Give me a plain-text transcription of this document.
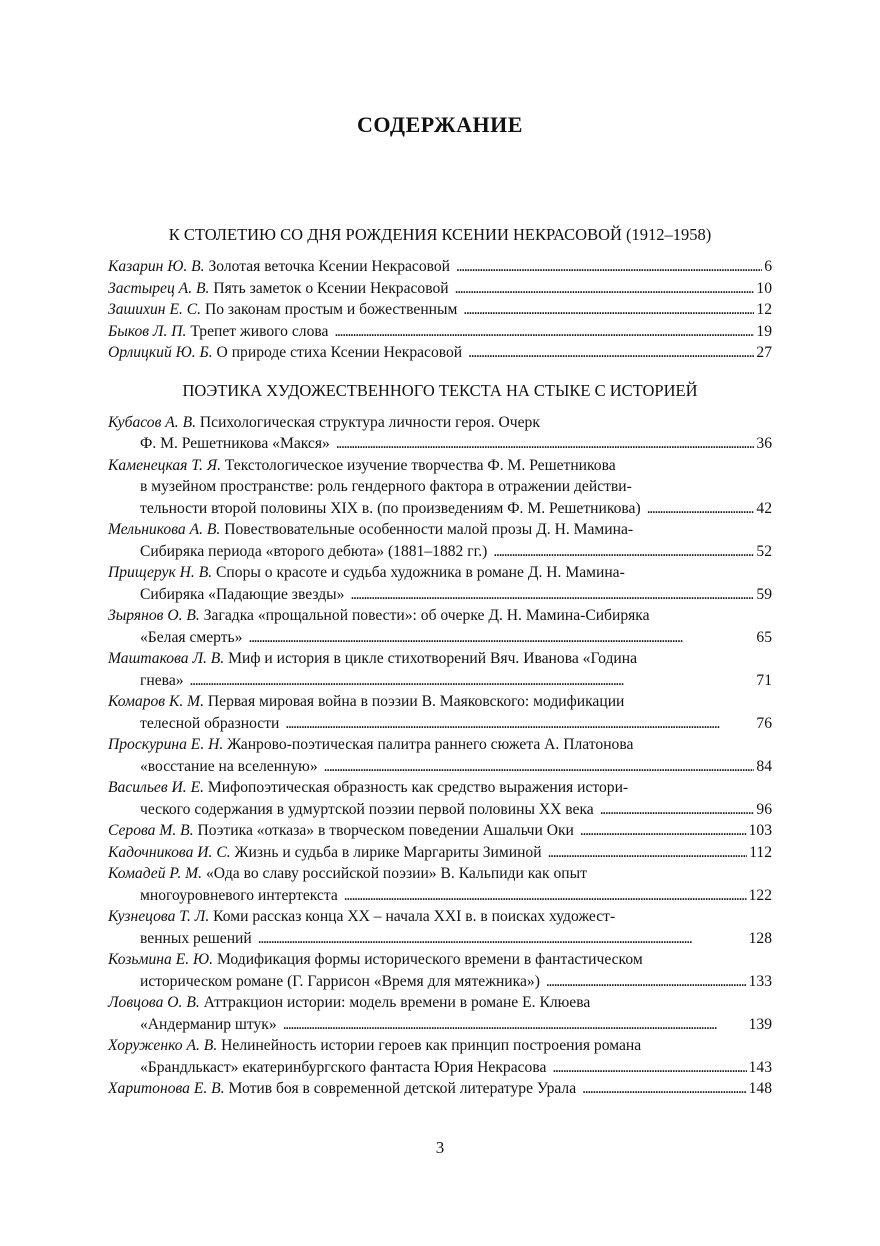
СОДЕРЖАНИЕ
К СТОЛЕТИЮ СО ДНЯ РОЖДЕНИЯ КСЕНИИ НЕКРАСОВОЙ (1912–1958)
Казарин Ю. В.
Золотая веточка Ксении Некрасовой . . .	6
Застырец А. В.
Пять заметок о Ксении Некрасовой . . .	10
Зашихин Е. С.
По законам простым и божественным . . .	12
Быков Л. П.
Трепет живого слова . . .	19
Орлицкий Ю. Б.
О природе стиха Ксении Некрасовой . . .	27
ПОЭТИКА ХУДОЖЕСТВЕННОГО ТЕКСТА НА СТЫКЕ С ИСТОРИЕЙ
Кубасов А. В.
Психологическая структура личности героя. Очерк
Ф. М. Решетникова «Макся» . . .	36
Каменецкая Т. Я.
Текстологическое изучение творчества Ф. М. Решетникова
в музейном пространстве: роль гендерного фактора в отражении действи-
тельности второй половины XIX в. (по произведениям Ф. М. Решетникова) . . .	42
Мельникова А. В.
Повествовательные особенности малой прозы Д. Н. Мамина-
Сибиряка периода «второго дебюта» (1881–1882 гг.) . . .	52
Прищерук Н. В.
Споры о красоте и судьба художника в романе Д. Н. Мамина-
Сибиряка «Падающие звезды» . . .	59
Зырянов О. В.
Загадка «прощальной повести»: об очерке Д. Н. Мамина-Сибиряка
«Белая смерть» . . .	65
Маштакова Л. В.
Миф и история в цикле стихотворений Вяч. Иванова «Година
гнева» . . .	71
Комаров К. М.
Первая мировая война в поэзии В. Маяковского: модификации
телесной образности . . .	76
Проскурина Е. Н.
Жанрово-поэтическая палитра раннего сюжета А. Платонова
«восстание на вселенную» . . .	84
Васильев И. Е.
Мифопоэтическая образность как средство выражения истори-
ческого содержания в удмуртской поэзии первой половины XX века . . .	96
Серова М. В.
Поэтика «отказа» в творческом поведении Ашальчи Оки . . .	103
Кадочникова И. С.
Жизнь и судьба в лирике Маргариты Зиминой . . .	112
Комадей Р. М.
«Ода во славу российской поэзии» В. Кальпиди как опыт
многоуровневого интертекста . . .	122
Кузнецова Т. Л.
Коми рассказ конца XX – начала XXI в. в поисках художест-
венных решений . . .	128
Козьмина Е. Ю.
Модификация формы исторического времени в фантастическом
историческом романе (Г. Гаррисон «Время для мятежника») . . .	133
Ловцова О. В.
Аттракцион истории: модель времени в романе Е. Клюева
«Андерманир штук» . . .	139
Хоруженко А. В.
Нелинейность истории героев как принцип построения романа
«Брандлькаст» екатеринбургского фантаста Юрия Некрасова . . .	143
Харитонова Е. В.
Мотив боя в современной детской литературе Урала . . .	148
3
